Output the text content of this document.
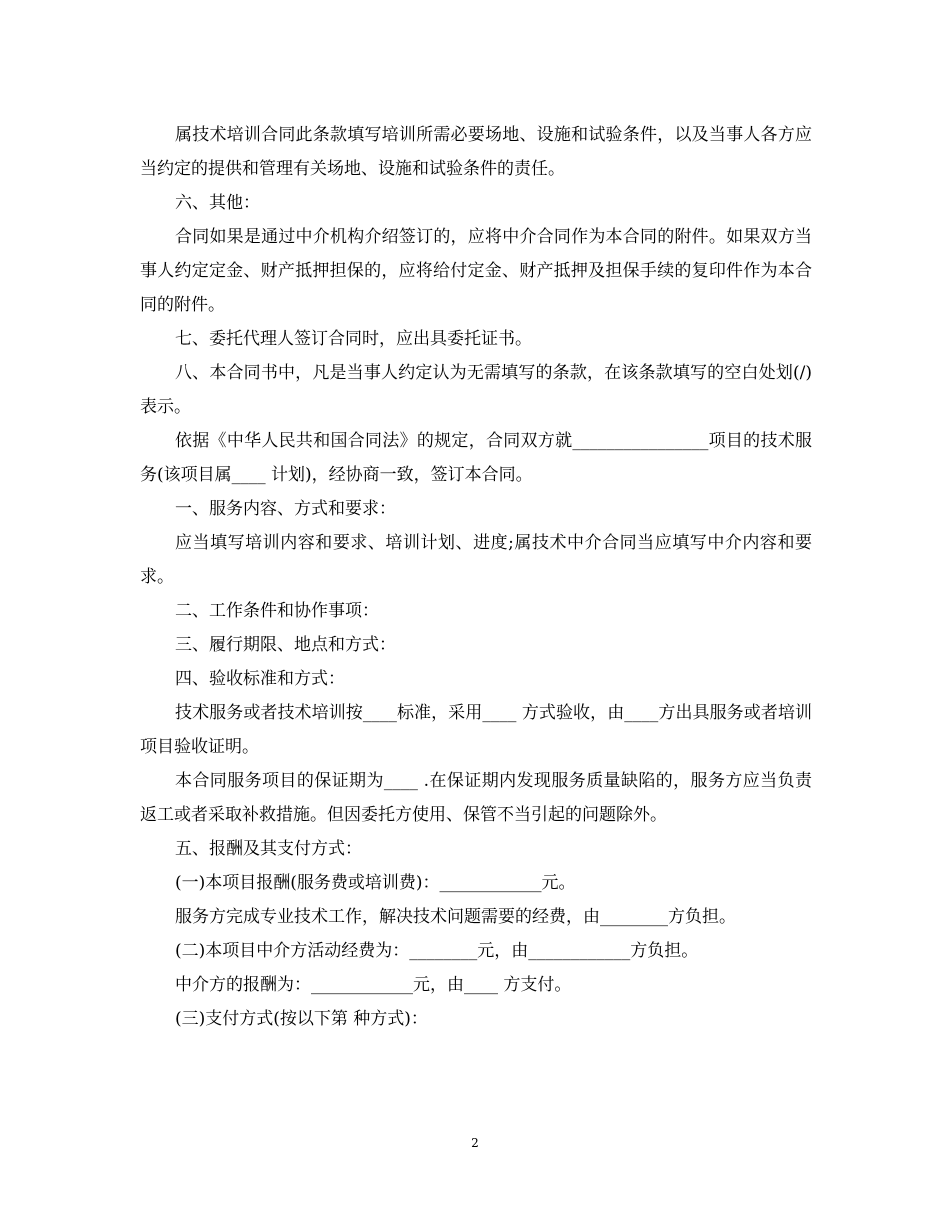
属技术培训合同此条款填写培训所需必要场地、设施和试验条件，以及当事人各方应当约定的提供和管理有关场地、设施和试验条件的责任。

六、其他：

合同如果是通过中介机构介绍签订的，应将中介合同作为本合同的附件。如果双方当事人约定定金、财产抵押担保的，应将给付定金、财产抵押及担保手续的复印件作为本合同的附件。

七、委托代理人签订合同时，应出具委托证书。

八、本合同书中，凡是当事人约定认为无需填写的条款，在该条款填写的空白处划(/)表示。

依据《中华人民共和国合同法》的规定，合同双方就________________项目的技术服务(该项目属____ 计划)，经协商一致，签订本合同。

一、服务内容、方式和要求：

应当填写培训内容和要求、培训计划、进度;属技术中介合同当应填写中介内容和要求。

二、工作条件和协作事项：

三、履行期限、地点和方式：

四、验收标准和方式：

技术服务或者技术培训按____标准，采用____ 方式验收，由____方出具服务或者培训项目验收证明。

本合同服务项目的保证期为____ .在保证期内发现服务质量缺陷的，服务方应当负责返工或者采取补救措施。但因委托方使用、保管不当引起的问题除外。

五、报酬及其支付方式：

(一)本项目报酬(服务费或培训费)：____________元。

服务方完成专业技术工作，解决技术问题需要的经费，由________方负担。

(二)本项目中介方活动经费为：________元，由____________方负担。

中介方的报酬为：____________元，由____ 方支付。

(三)支付方式(按以下第 种方式)：

2
